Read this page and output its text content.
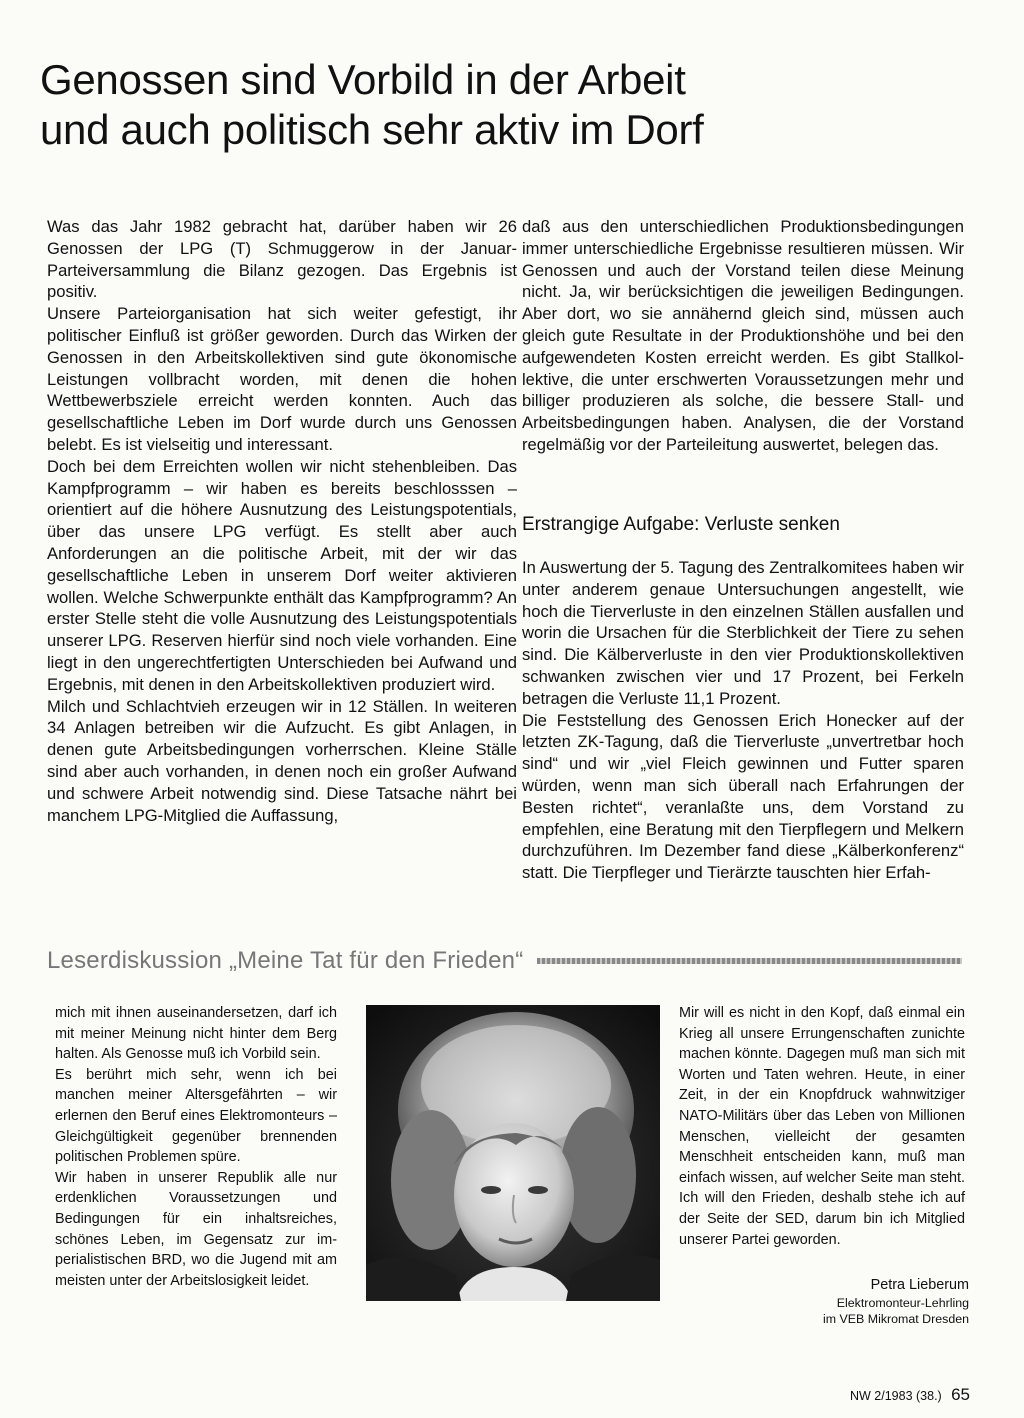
Genossen sind Vorbild in der Arbeit
und auch politisch sehr aktiv im Dorf

Was das Jahr 1982 gebracht hat, darüber haben wir 26 Genossen der LPG (T) Schmuggerow in der Januar-Parteiversammlung die Bilanz gezogen. Das Ergebnis ist positiv.

Unsere Parteiorganisation hat sich weiter gefestigt, ihr politischer Einfluß ist größer geworden. Durch das Wirken der Genossen in den Arbeitskollektiven sind gute ökonomische Leistungen vollbracht worden, mit denen die hohen Wettbewerbsziele erreicht werden konnten. Auch das gesellschaftliche Leben im Dorf wurde durch uns Genossen belebt. Es ist vielseitig und interessant.

Doch bei dem Erreichten wollen wir nicht stehenbleiben. Das Kampfprogramm – wir haben es bereits beschlosssen – orientiert auf die höhere Ausnutzung des Leistungspotentials, über das unsere LPG verfügt. Es stellt aber auch Anforderungen an die politische Arbeit, mit der wir das gesellschaftliche Leben in unserem Dorf weiter aktivieren wollen. Welche Schwerpunkte enthält das Kampfprogramm? An erster Stelle steht die volle Ausnutzung des Leistungspotentials unserer LPG. Reserven hierfür sind noch viele vorhanden. Eine liegt in den ungerechtfertigten Unterschieden bei Aufwand und Ergebnis, mit denen in den Arbeitskollektiven produziert wird.

Milch und Schlachtvieh erzeugen wir in 12 Ställen. In weiteren 34 Anlagen betreiben wir die Aufzucht. Es gibt Anlagen, in denen gute Arbeitsbedingungen vorherrschen. Kleine Ställe sind aber auch vorhanden, in denen noch ein großer Aufwand und schwere Arbeit notwendig sind. Diese Tatsache nährt bei manchem LPG-Mitglied die Auffassung,

daß aus den unterschiedlichen Produktionsbedingungen immer unterschiedliche Ergebnisse resultieren müssen. Wir Genossen und auch der Vorstand teilen diese Meinung nicht. Ja, wir berücksichtigen die jeweiligen Bedingungen. Aber dort, wo sie annähernd gleich sind, müssen auch gleich gute Resultate in der Produktionshöhe und bei den aufgewendeten Kosten erreicht werden. Es gibt Stallkollektive, die unter erschwerten Voraussetzungen mehr und billiger produzieren als solche, die bessere Stall- und Arbeitsbedingungen haben. Analysen, die der Vorstand regelmäßig vor der Parteileitung auswertet, belegen das.

Erstrangige Aufgabe: Verluste senken

In Auswertung der 5. Tagung des Zentralkomitees haben wir unter anderem genaue Untersuchungen angestellt, wie hoch die Tierverluste in den einzelnen Ställen ausfallen und worin die Ursachen für die Sterblichkeit der Tiere zu sehen sind. Die Kälberverluste in den vier Produktionskollektiven schwanken zwischen vier und 17 Prozent, bei Ferkeln betragen die Verluste 11,1 Prozent.

Die Feststellung des Genossen Erich Honecker auf der letzten ZK-Tagung, daß die Tierverluste „unvertretbar hoch sind“ und wir „viel Fleich gewinnen und Futter sparen würden, wenn man sich überall nach Erfahrungen der Besten richtet“, veranlaßte uns, dem Vorstand zu empfehlen, eine Beratung mit den Tierpflegern und Melkern durchzuführen. Im Dezember fand diese „Kälberkonferenz“ statt. Die Tierpfleger und Tierärzte tauschten hier Erfah-

Leserdiskussion „Meine Tat für den Frieden“

mich mit ihnen auseinandersetzen, darf ich mit meiner Meinung nicht hinter dem Berg halten. Als Genosse muß ich Vorbild sein.

Es berührt mich sehr, wenn ich bei manchen meiner Altersgefährten – wir erlernen den Beruf eines Elektromonteurs – Gleichgültigkeit gegenüber brennenden politischen Problemen spüre.

Wir haben in unserer Republik alle nur erdenklichen Voraussetzungen und Bedingungen für ein inhaltsreiches, schönes Leben, im Gegensatz zur imperialistischen BRD, wo die Jugend mit am meisten unter der Arbeitslosigkeit leidet.

Mir will es nicht in den Kopf, daß einmal ein Krieg all unsere Errungenschaften zunichte machen könnte. Dagegen muß man sich mit Worten und Taten wehren. Heute, in einer Zeit, in der ein Knopfdruck wahnwitziger NATO-Militärs über das Leben von Millionen Menschen, vielleicht der gesamten Menschheit entscheiden kann, muß man einfach wissen, auf welcher Seite man steht. Ich will den Frieden, deshalb stehe ich auf der Seite der SED, darum bin ich Mitglied unserer Partei geworden.

Petra Lieberum
Elektromonteur-Lehrling
im VEB Mikromat Dresden
NW 2/1983 (38.) 65
